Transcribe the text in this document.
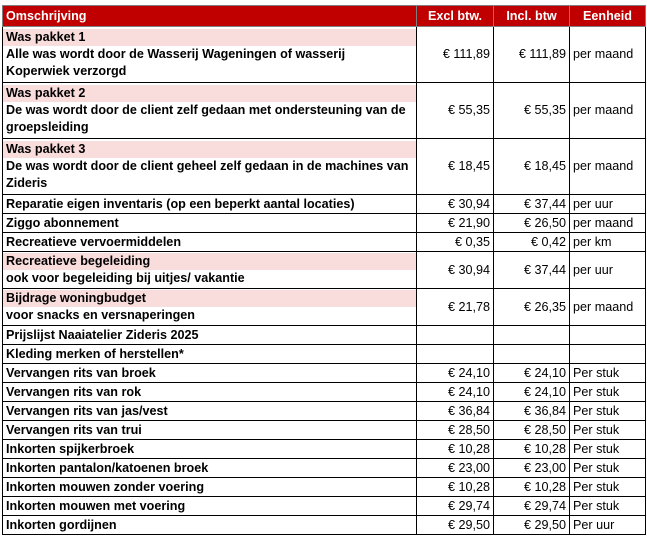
Omschrijving	Excl btw.	Incl. btw	Eenheid

Was pakket 1
Alle was wordt door de Wasserij Wageningen of wasserij
Koperwiek verzorgd	€ 111,89	€ 111,89	per maand

Was pakket 2
De was wordt door de client zelf gedaan met ondersteuning van de
groepsleiding	€ 55,35	€ 55,35	per maand

Was pakket 3
De was wordt door de client geheel zelf gedaan in de machines van
Zideris	€ 18,45	€ 18,45	per maand

Reparatie eigen inventaris (op een beperkt aantal locaties)	€ 30,94	€ 37,44	per uur

Ziggo abonnement	€ 21,90	€ 26,50	per maand

Recreatieve vervoermiddelen	€ 0,35	€ 0,42	per km

Recreatieve begeleiding
ook voor begeleiding bij uitjes/ vakantie	€ 30,94	€ 37,44	per uur

Bijdrage woningbudget
voor snacks en versnaperingen	€ 21,78	€ 26,35	per maand

Prijslijst Naaiatelier Zideris 2025			

Kleding merken of herstellen*			

Vervangen rits van broek	€ 24,10	€ 24,10	Per stuk

Vervangen rits van rok	€ 24,10	€ 24,10	Per stuk

Vervangen rits van jas/vest	€ 36,84	€ 36,84	Per stuk

Vervangen rits van trui	€ 28,50	€ 28,50	Per stuk

Inkorten spijkerbroek	€ 10,28	€ 10,28	Per stuk

Inkorten pantalon/katoenen broek	€ 23,00	€ 23,00	Per stuk

Inkorten mouwen zonder voering	€ 10,28	€ 10,28	Per stuk

Inkorten mouwen met voering	€ 29,74	€ 29,74	Per stuk

Inkorten gordijnen	€ 29,50	€ 29,50	Per uur
